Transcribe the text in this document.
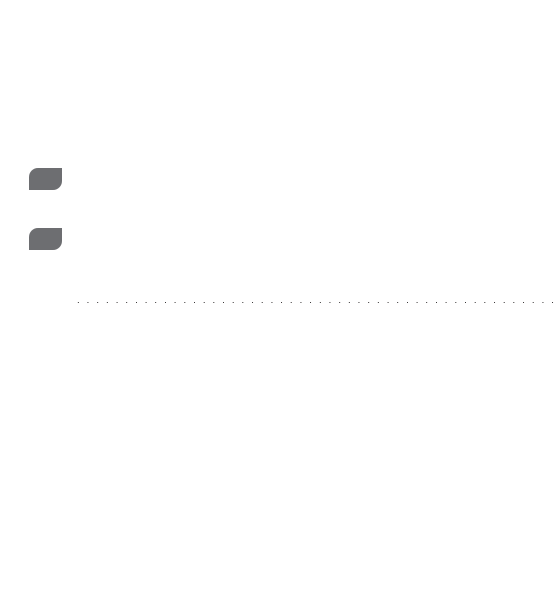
. . . . . . . . . . . . . . . . . . . . . . . . . . . . . . . . . . . . . . . . . . . . . . . . . .
